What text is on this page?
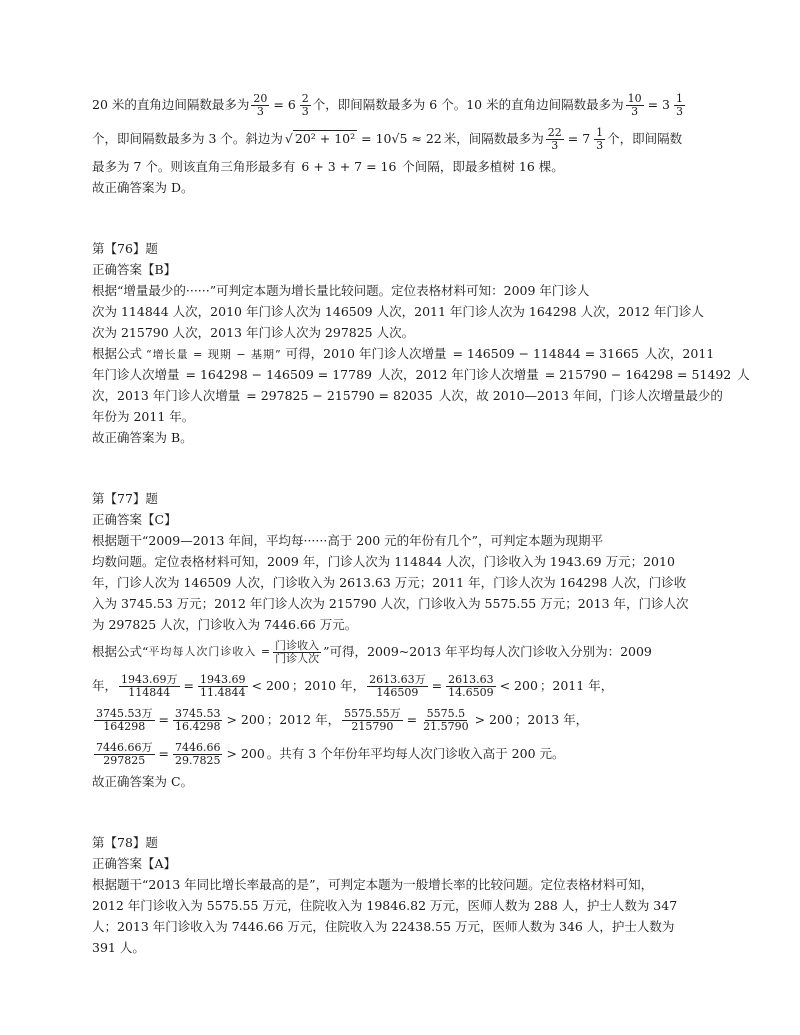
20 米的直角边间隔数最多为 $\frac{20}{3} = 6 \frac{2}{3}$ 个，即间隔数最多为 6 个。10 米的直角边间隔数最多为 $\frac{10}{3} = 3 \frac{1}{3}$
个，即间隔数最多为 3 个。斜边为 √ 20² + 10² = 10√5 ≈ 22 米，间隔数最多为 $\frac{22}{3} = 7 \frac{1}{3}$ 个，即间隔数
最多为 7 个。则该直角三角形最多有 6 + 3 + 7 = 16 个间隔，即最多植树 16 棵。
故正确答案为 D。
第【76】题
正确答案【B】
根据“增量最少的······”可判定本题为增长量比较问题。定位表格材料可知：2009 年门诊人
次为 114844 人次，2010 年门诊人次为 146509 人次，2011 年门诊人次为 164298 人次，2012 年门诊人
次为 215790 人次，2013 年门诊人次为 297825 人次。
根据公式 “增长量 = 现期 − 基期” 可得，2010 年门诊人次增量 = 146509 − 114844 = 31665 人次，2011
年门诊人次增量 = 164298 − 146509 = 17789 人次，2012 年门诊人次增量 = 215790 − 164298 = 51492 人
次，2013 年门诊人次增量 = 297825 − 215790 = 82035 人次，故 2010—2013 年间，门诊人次增量最少的
年份为 2011 年。
故正确答案为 B。
第【77】题
正确答案【C】
根据题干“2009—2013 年间，平均每······高于 200 元的年份有几个”，可判定本题为现期平
均数问题。定位表格材料可知，2009 年，门诊人次为 114844 人次，门诊收入为 1943.69 万元；2010
年，门诊人次为 146509 人次，门诊收入为 2613.63 万元；2011 年，门诊人次为 164298 人次，门诊收
入为 3745.53 万元；2012 年门诊人次为 215790 人次，门诊收入为 5575.55 万元；2013 年，门诊人次
为 297825 人次，门诊收入为 7446.66 万元。
根据公式“ 平均每人次门诊收入 = $\frac{\text{门诊收入}}{\text{门诊人次}}$ ”可得，2009~2013 年平均每人次门诊收入分别为：2009
年， $\frac{\text{1943.69万}}{114844} = \frac{1943.69}{11.4844} < 200$ ；2010 年， $\frac{\text{2613.63万}}{146509} = \frac{2613.63}{14.6509} < 200$ ；2011 年，
$\frac{\text{3745.53万}}{164298} = \frac{3745.53}{16.4298} > 200$ ；2012 年， $\frac{\text{5575.55万}}{215790} = \frac{5575.5}{21.5790} > 200$ ；2013 年，
$\frac{\text{7446.66万}}{297825} = \frac{7446.66}{29.7825} > 200$ 。共有 3 个年份年平均每人次门诊收入高于 200 元。
故正确答案为 C。
第【78】题
正确答案【A】
根据题干“2013 年同比增长率最高的是”，可判定本题为一般增长率的比较问题。定位表格材料可知，
2012 年门诊收入为 5575.55 万元，住院收入为 19846.82 万元，医师人数为 288 人，护士人数为 347
人；2013 年门诊收入为 7446.66 万元，住院收入为 22438.55 万元，医师人数为 346 人，护士人数为
391 人。
